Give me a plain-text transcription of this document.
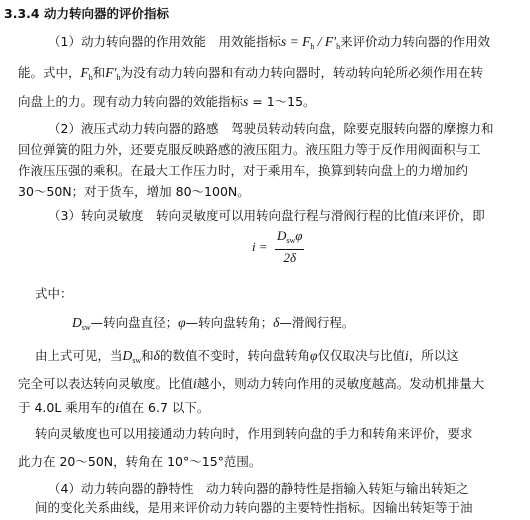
3.3.4 动力转向器的评价指标
（1）动力转向器的作用效能　用效能指标$s = F_h / F'_h$来评价动力转向器的作用效
能。式中，$F_h$和$F'_h$为没有动力转向器和有动力转向器时，转动转向轮所必须作用在转
向盘上的力。现有动力转向器的效能指标s = 1～15。
（2）液压式动力转向器的路感　驾驶员转动转向盘，除要克服转向器的摩擦力和
回位弹簧的阻力外，还要克服反映路感的液压阻力。液压阻力等于反作用阀面积与工
作液压压强的乘积。在最大工作压力时，对于乘用车，换算到转向盘上的力增加约
30～50N；对于货车，增加 80～100N。
（3）转向灵敏度　转向灵敏度可以用转向盘行程与滑阀行程的比值i来评价，即
$i = \frac{D_{sw}\varphi}{2\delta}$
式中：
$D_{sw}—$转向盘直径；φ—转向盘转角；δ—滑阀行程。
由上式可见，当$D_{sw}$和δ的数值不变时，转向盘转角φ仅仅取决与比值i，所以这
完全可以表达转向灵敏度。比值i越小，则动力转向作用的灵敏度越高。发动机排量大
于 4.0L 乘用车的i值在 6.7 以下。
转向灵敏度也可以用接通动力转向时，作用到转向盘的手力和转角来评价，要求
此力在 20～50N，转角在 10°～15°范围。
（4）动力转向器的静特性　动力转向器的静特性是指输入转矩与输出转矩之
间的变化关系曲线，是用来评价动力转向器的主要特性指标。因输出转矩等于油
